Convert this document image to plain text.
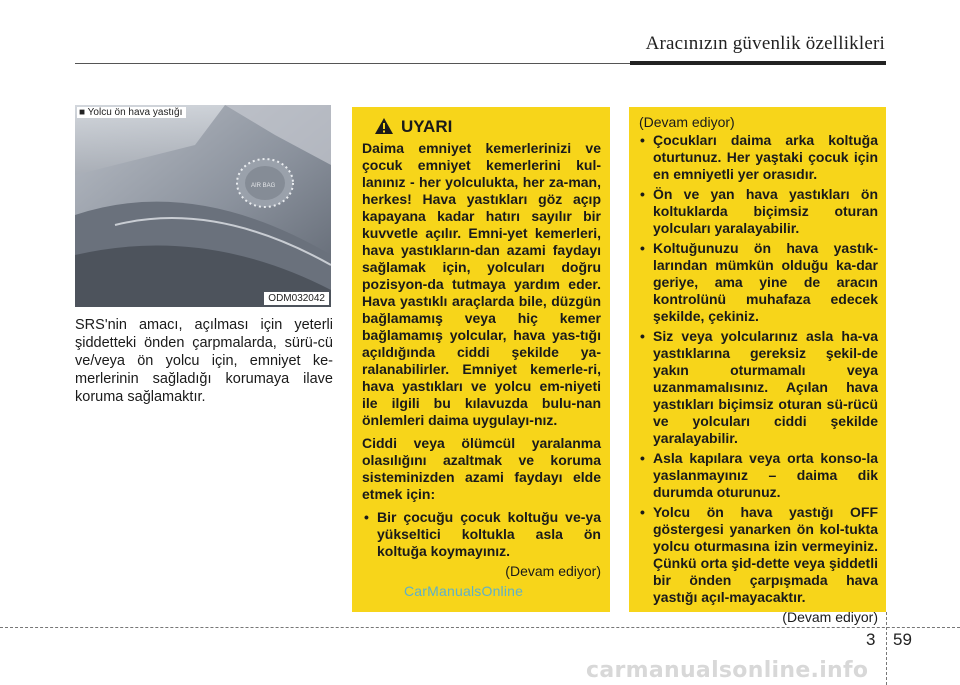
Aracınızın güvenlik özellikleri
AIR BAG
ODM032042
■ Yolcu ön hava yastığı

SRS'nin amacı, açılması için yeterli şiddetteki önden çarpmalarda, sürü-cü ve/veya ön yolcu için, emniyet ke-merlerinin sağladığı korumaya ilave koruma sağlamaktır.

UYARI

Daima emniyet kemerlerinizi ve çocuk emniyet kemerlerini kul-lanınız - her yolculukta, her za-man, herkes! Hava yastıkları göz açıp kapayana kadar hatırı sayılır bir kuvvetle açılır. Emni-yet kemerleri, hava yastıkların-dan azami faydayı sağlamak için, yolcuları doğru pozisyon-da tutmaya yardım eder. Hava yastıklı araçlarda bile, düzgün bağlamamış veya hiç kemer bağlamamış yolcular, hava yas-tığı açıldığında ciddi şekilde ya-ralanabilirler. Emniyet kemerle-ri, hava yastıkları ve yolcu em-niyeti ile ilgili bu kılavuzda bulu-nan önlemleri daima uygulayı-nız.

Ciddi veya ölümcül yaralanma olasılığını azaltmak ve koruma sisteminizden azami faydayı elde etmek için:

• Bir çocuğu çocuk koltuğu ve-ya yükseltici koltukla asla ön koltuğa koymayınız.
(Devam ediyor)
CarManualsOnline
(Devam ediyor)
• Çocukları daima arka koltuğa oturtunuz. Her yaştaki çocuk için en emniyetli yer orasıdır.
• Ön ve yan hava yastıkları ön koltuklarda biçimsiz oturan yolcuları yaralayabilir.
• Koltuğunuzu ön hava yastık-larından mümkün olduğu ka-dar geriye, ama yine de aracın kontrolünü muhafaza edecek şekilde, çekiniz.
• Siz veya yolcularınız asla ha-va yastıklarına gereksiz şekil-de yakın oturmamalı veya uzanmamalısınız. Açılan hava yastıkları biçimsiz oturan sü-rücü ve yolcuları ciddi şekilde yaralayabilir.
• Asla kapılara veya orta konso-la yaslanmayınız – daima dik durumda oturunuz.
• Yolcu ön hava yastığı OFF göstergesi yanarken ön kol-tukta yolcu oturmasına izin vermeyiniz. Çünkü orta şid-dette veya şiddetli bir önden çarpışmada hava yastığı açıl-mayacaktır.
(Devam ediyor)
3 59
carmanualsonline.info
